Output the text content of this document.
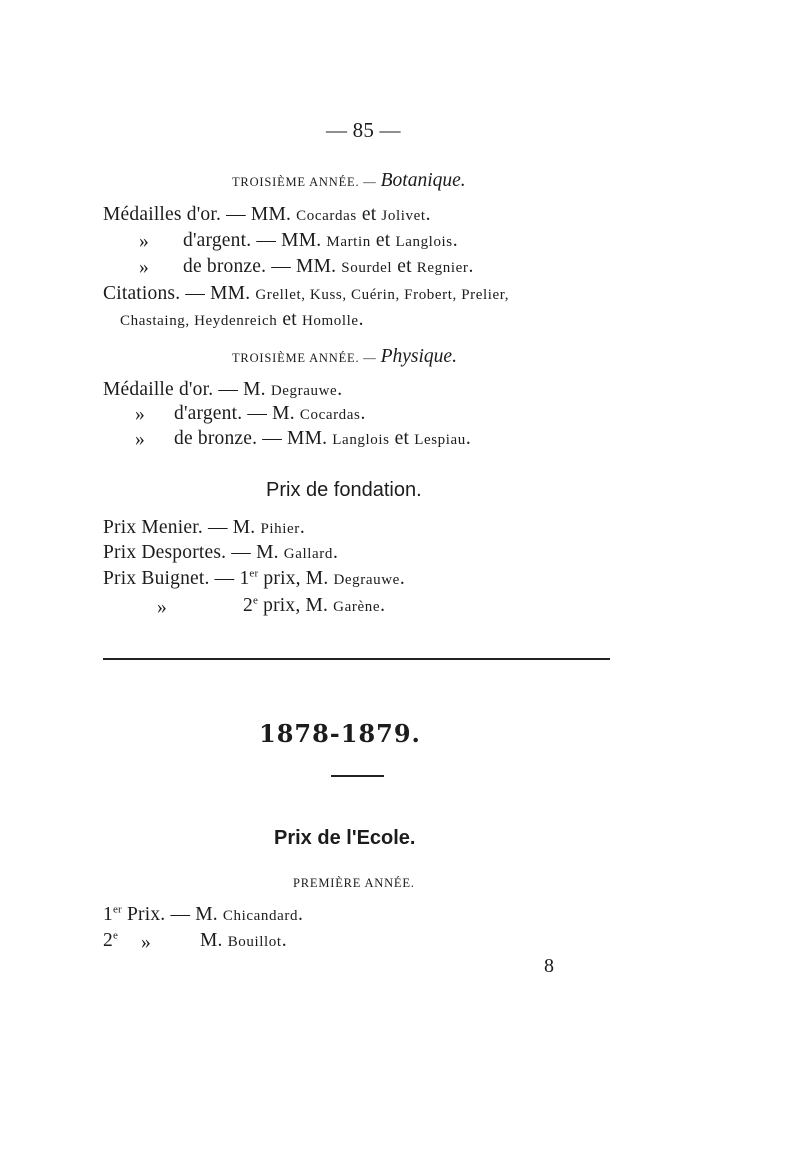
— 85 —
TROISIÈME ANNÉE. — Botanique.
Médailles d'or. — MM. Cocardas et Jolivet.
» d'argent. — MM. Martin et Langlois.
» de bronze. — MM. Sourdel et Regnier.
Citations. — MM. Grellet, Kuss, Cuérin, Frobert, Prelier,
Chastaing, Heydenreich et Homolle.
TROISIÈME ANNÉE. — Physique.
Médaille d'or. — M. Degrauwe.
» d'argent. — M. Cocardas.
» de bronze. — MM. Langlois et Lespiau.
Prix de fondation.
Prix Menier. — M. Pihier.
Prix Desportes. — M. Gallard.
Prix Buignet. — 1er prix, M. Degrauwe.
»	2e prix, M. Garène.
1878-1879.
Prix de l'Ecole.
PREMIÈRE ANNÉE.
1er Prix. — M. Chicandard.
2e »	M. Bouillot.
8
